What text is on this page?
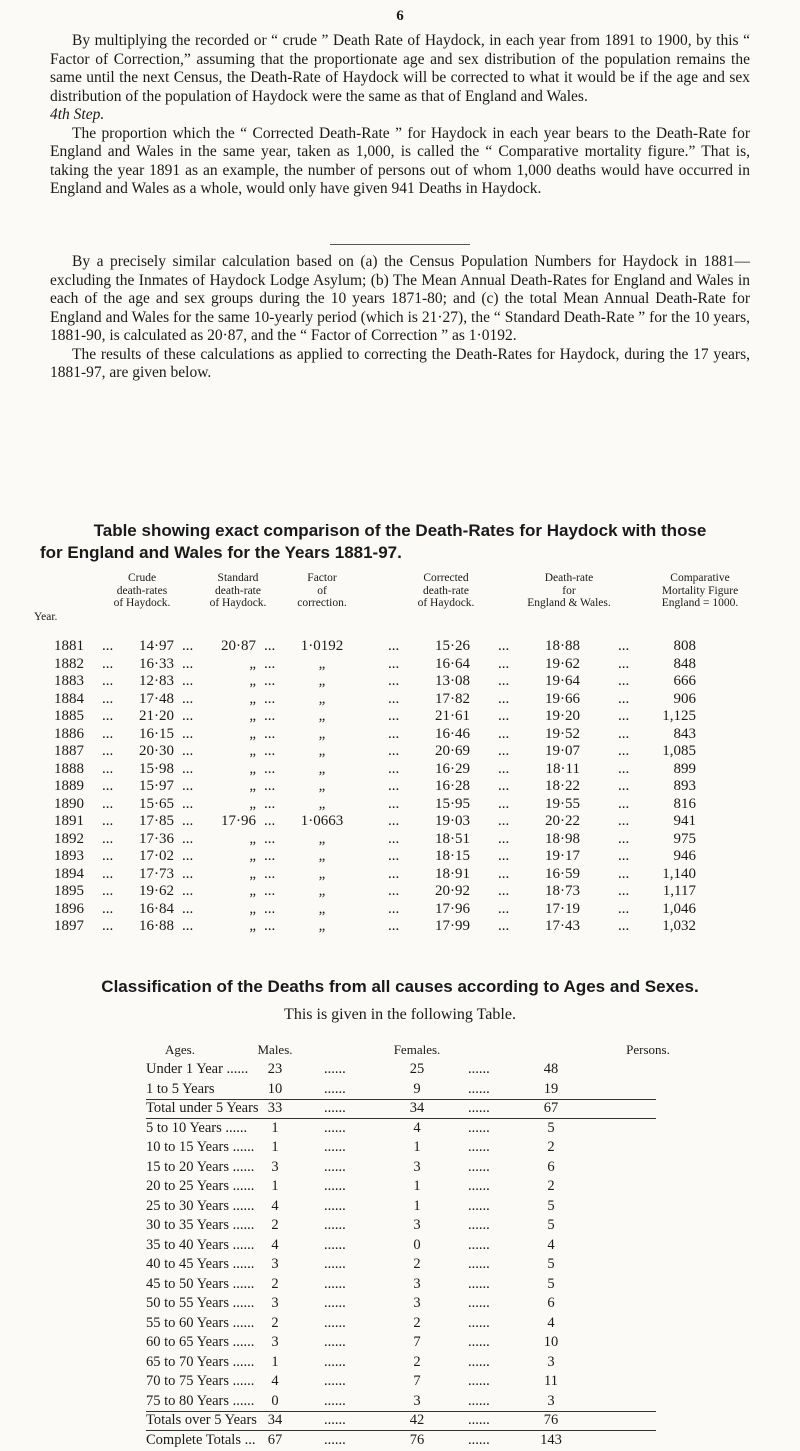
6

By multiplying the recorded or “ crude ” Death Rate of Haydock, in each year from 1891 to 1900, by this “ Factor of Correction,” assuming that the proportionate age and sex distribution of the population remains the same until the next Census, the Death-Rate of Haydock will be corrected to what it would be if the age and sex distribution of the population of Haydock were the same as that of England and Wales.

4th Step.

The proportion which the “ Corrected Death-Rate ” for Haydock in each year bears to the Death-Rate for England and Wales in the same year, taken as 1,000, is called the “ Comparative mortality figure.” That is, taking the year 1891 as an example, the number of persons out of whom 1,000 deaths would have occurred in England and Wales as a whole, would only have given 941 Deaths in Haydock.

By a precisely similar calculation based on (a) the Census Population Numbers for Haydock in 1881—excluding the Inmates of Haydock Lodge Asylum; (b) The Mean Annual Death-Rates for England and Wales in each of the age and sex groups during the 10 years 1871-80; and (c) the total Mean Annual Death-Rate for England and Wales for the same 10-yearly period (which is 21·27), the “ Standard Death-Rate ” for the 10 years, 1881-90, is calculated as 20·87, and the “ Factor of Correction ” as 1·0192.

The results of these calculations as applied to correcting the Death-Rates for Haydock, during the 17 years, 1881-97, are given below.

Table showing exact comparison of the Death-Rates for Haydock with those
for England and Wales for the Years 1881-97.
Year.
Crude
death-rates
of Haydock.
Standard
death-rate
of Haydock.
Factor
of
correction.
Corrected
death-rate
of Haydock.
Death-rate
for
England & Wales.
Comparative
Mortality Figure
England = 1000.
1881 ...	14·97 ...	20·87 ...	1·0192	...	15·26 ...	18·88	...	808
1882 ...	16·33 ...	„ ...	„	...	16·64 ...	19·62	...	848
1883 ...	12·83 ...	„ ...	„	...	13·08 ...	19·64	...	666
1884 ...	17·48 ...	„ ...	„	...	17·82 ...	19·66	...	906
1885 ...	21·20 ...	„ ...	„	...	21·61 ...	19·20	...	1,125
1886 ...	16·15 ...	„ ...	„	...	16·46 ...	19·52	...	843
1887 ...	20·30 ...	„ ...	„	...	20·69 ...	19·07	...	1,085
1888 ...	15·98 ...	„ ...	„	...	16·29 ...	18·11	...	899
1889 ...	15·97 ...	„ ...	„	...	16·28 ...	18·22	...	893
1890 ...	15·65 ...	„ ...	„	...	15·95 ...	19·55	...	816
1891 ...	17·85 ...	17·96 ...	1·0663	...	19·03 ...	20·22	...	941
1892 ...	17·36 ...	„ ...	„	...	18·51 ...	18·98	...	975
1893 ...	17·02 ...	„ ...	„	...	18·15 ...	19·17	...	946
1894 ...	17·73 ...	„ ...	„	...	18·91 ...	16·59	...	1,140
1895 ...	19·62 ...	„ ...	„	...	20·92 ...	18·73	...	1,117
1896 ...	16·84 ...	„ ...	„	...	17·96 ...	17·19	...	1,046
1897 ...	16·88 ...	„ ...	„	...	17·99 ...	17·43	...	1,032
Classification of the Deaths from all causes according to Ages and Sexes.
This is given in the following Table.
Ages.	Males.	Females.	Persons.
Under 1 Year ......	23	......	25	......	48
1 to 5 Years	10	......	9	......	19
Total under 5 Years 33	......	34	......	67
5 to 10 Years ......	1	......	4	......	5
10 to 15 Years ......	1	......	1	......	2
15 to 20 Years ......	3	......	3	......	6
20 to 25 Years ......	1	......	1	......	2
25 to 30 Years ......	4	......	1	......	5
30 to 35 Years ......	2	......	3	......	5
35 to 40 Years ......	4	......	0	......	4
40 to 45 Years ......	3	......	2	......	5
45 to 50 Years ......	2	......	3	......	5
50 to 55 Years ......	3	......	3	......	6
55 to 60 Years ......	2	......	2	......	4
60 to 65 Years ......	3	......	7	......	10
65 to 70 Years ......	1	......	2	......	3
70 to 75 Years ......	4	......	7	......	11
75 to 80 Years ......	0	......	3	......	3
Totals over 5 Years 34	......	42	......	76
Complete Totals ... 67	......	76	......	143
